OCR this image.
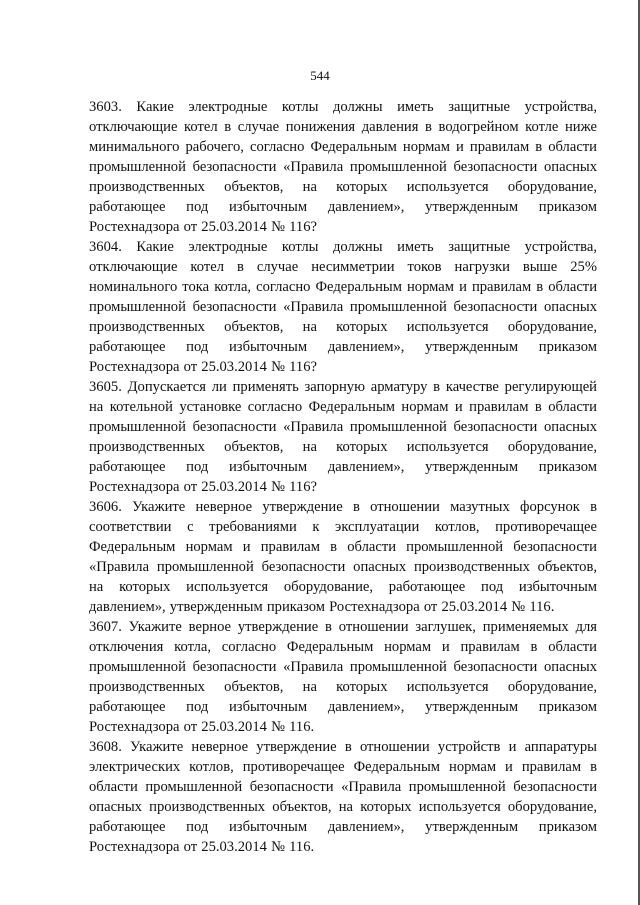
544

3603. Какие электродные котлы должны иметь защитные устройства, отключающие котел в случае понижения давления в водогрейном котле ниже минимального рабочего, согласно Федеральным нормам и правилам в области промышленной безопасности «Правила промышленной безопасности опасных производственных объектов, на которых используется оборудование, работающее под избыточным давлением», утвержденным приказом Ростехнадзора от 25.03.2014 № 116?

3604. Какие электродные котлы должны иметь защитные устройства, отключающие котел в случае несимметрии токов нагрузки выше 25% номинального тока котла, согласно Федеральным нормам и правилам в области промышленной безопасности «Правила промышленной безопасности опасных производственных объектов, на которых используется оборудование, работающее под избыточным давлением», утвержденным приказом Ростехнадзора от 25.03.2014 № 116?

3605. Допускается ли применять запорную арматуру в качестве регулирующей на котельной установке согласно Федеральным нормам и правилам в области промышленной безопасности «Правила промышленной безопасности опасных производственных объектов, на которых используется оборудование, работающее под избыточным давлением», утвержденным приказом Ростехнадзора от 25.03.2014 № 116?

3606. Укажите неверное утверждение в отношении мазутных форсунок в соответствии с требованиями к эксплуатации котлов, противоречащее Федеральным нормам и правилам в области промышленной безопасности «Правила промышленной безопасности опасных производственных объектов, на которых используется оборудование, работающее под избыточным давлением», утвержденным приказом Ростехнадзора от 25.03.2014 № 116.

3607. Укажите верное утверждение в отношении заглушек, применяемых для отключения котла, согласно Федеральным нормам и правилам в области промышленной безопасности «Правила промышленной безопасности опасных производственных объектов, на которых используется оборудование, работающее под избыточным давлением», утвержденным приказом Ростехнадзора от 25.03.2014 № 116.

3608. Укажите неверное утверждение в отношении устройств и аппаратуры электрических котлов, противоречащее Федеральным нормам и правилам в области промышленной безопасности «Правила промышленной безопасности опасных производственных объектов, на которых используется оборудование, работающее под избыточным давлением», утвержденным приказом Ростехнадзора от 25.03.2014 № 116.
